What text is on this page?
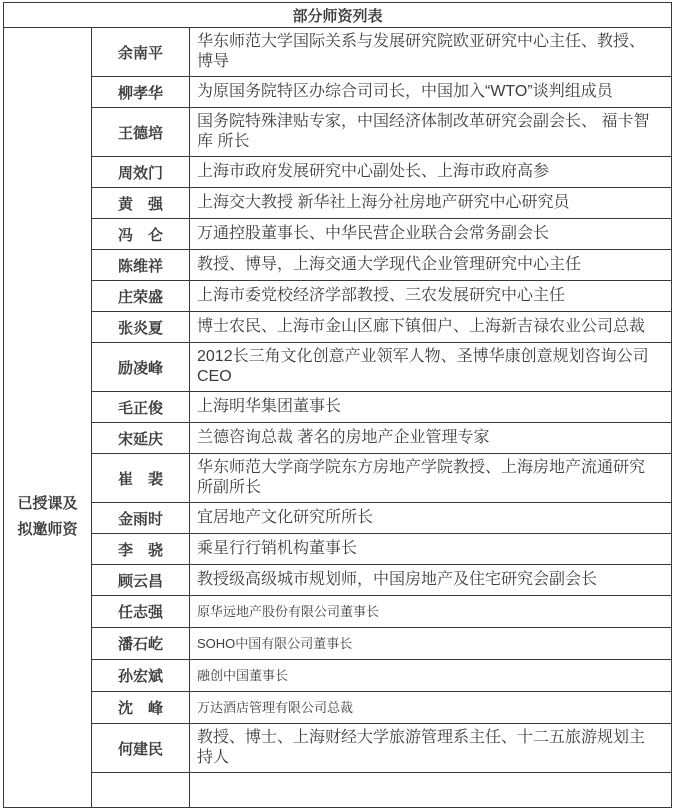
部分师资列表		

已授课及
拟邀师资	余南平	华东师范大学国际关系与发展研究院欧亚研究中心主任、教授、博导
	柳孝华	为原国务院特区办综合司司长，中国加入“WTO”谈判组成员
	王德培	国务院特殊津贴专家，中国经济体制改革研究会副会长、 福卡智库 所长
	周效门	上海市政府发展研究中心副处长、上海市政府高参
	黄　强	上海交大教授 新华社上海分社房地产研究中心研究员
	冯　仑	万通控股董事长、中华民营企业联合会常务副会长
	陈维祥	教授、博导，上海交通大学现代企业管理研究中心主任
	庄荣盛	上海市委党校经济学部教授、三农发展研究中心主任
	张炎夏	博士农民、上海市金山区廊下镇佃户、上海新吉禄农业公司总裁
	励凌峰	2012长三角文化创意产业领军人物、圣博华康创意规划咨询公司CEO
	毛正俊	上海明华集团董事长
	宋延庆	兰德咨询总裁 著名的房地产企业管理专家
	崔　裴	华东师范大学商学院东方房地产学院教授、上海房地产流通研究所副所长
	金雨时	宜居地产文化研究所所长
	李　骁	乘星行行销机构董事长
	顾云昌	教授级高级城市规划师，中国房地产及住宅研究会副会长
	任志强	原华远地产股份有限公司董事长
	潘石屹	SOHO中国有限公司董事长
	孙宏斌	融创中国董事长
	沈　峰	万达酒店管理有限公司总裁
	何建民	教授、博士、上海财经大学旅游管理系主任、十二五旅游规划主持人
